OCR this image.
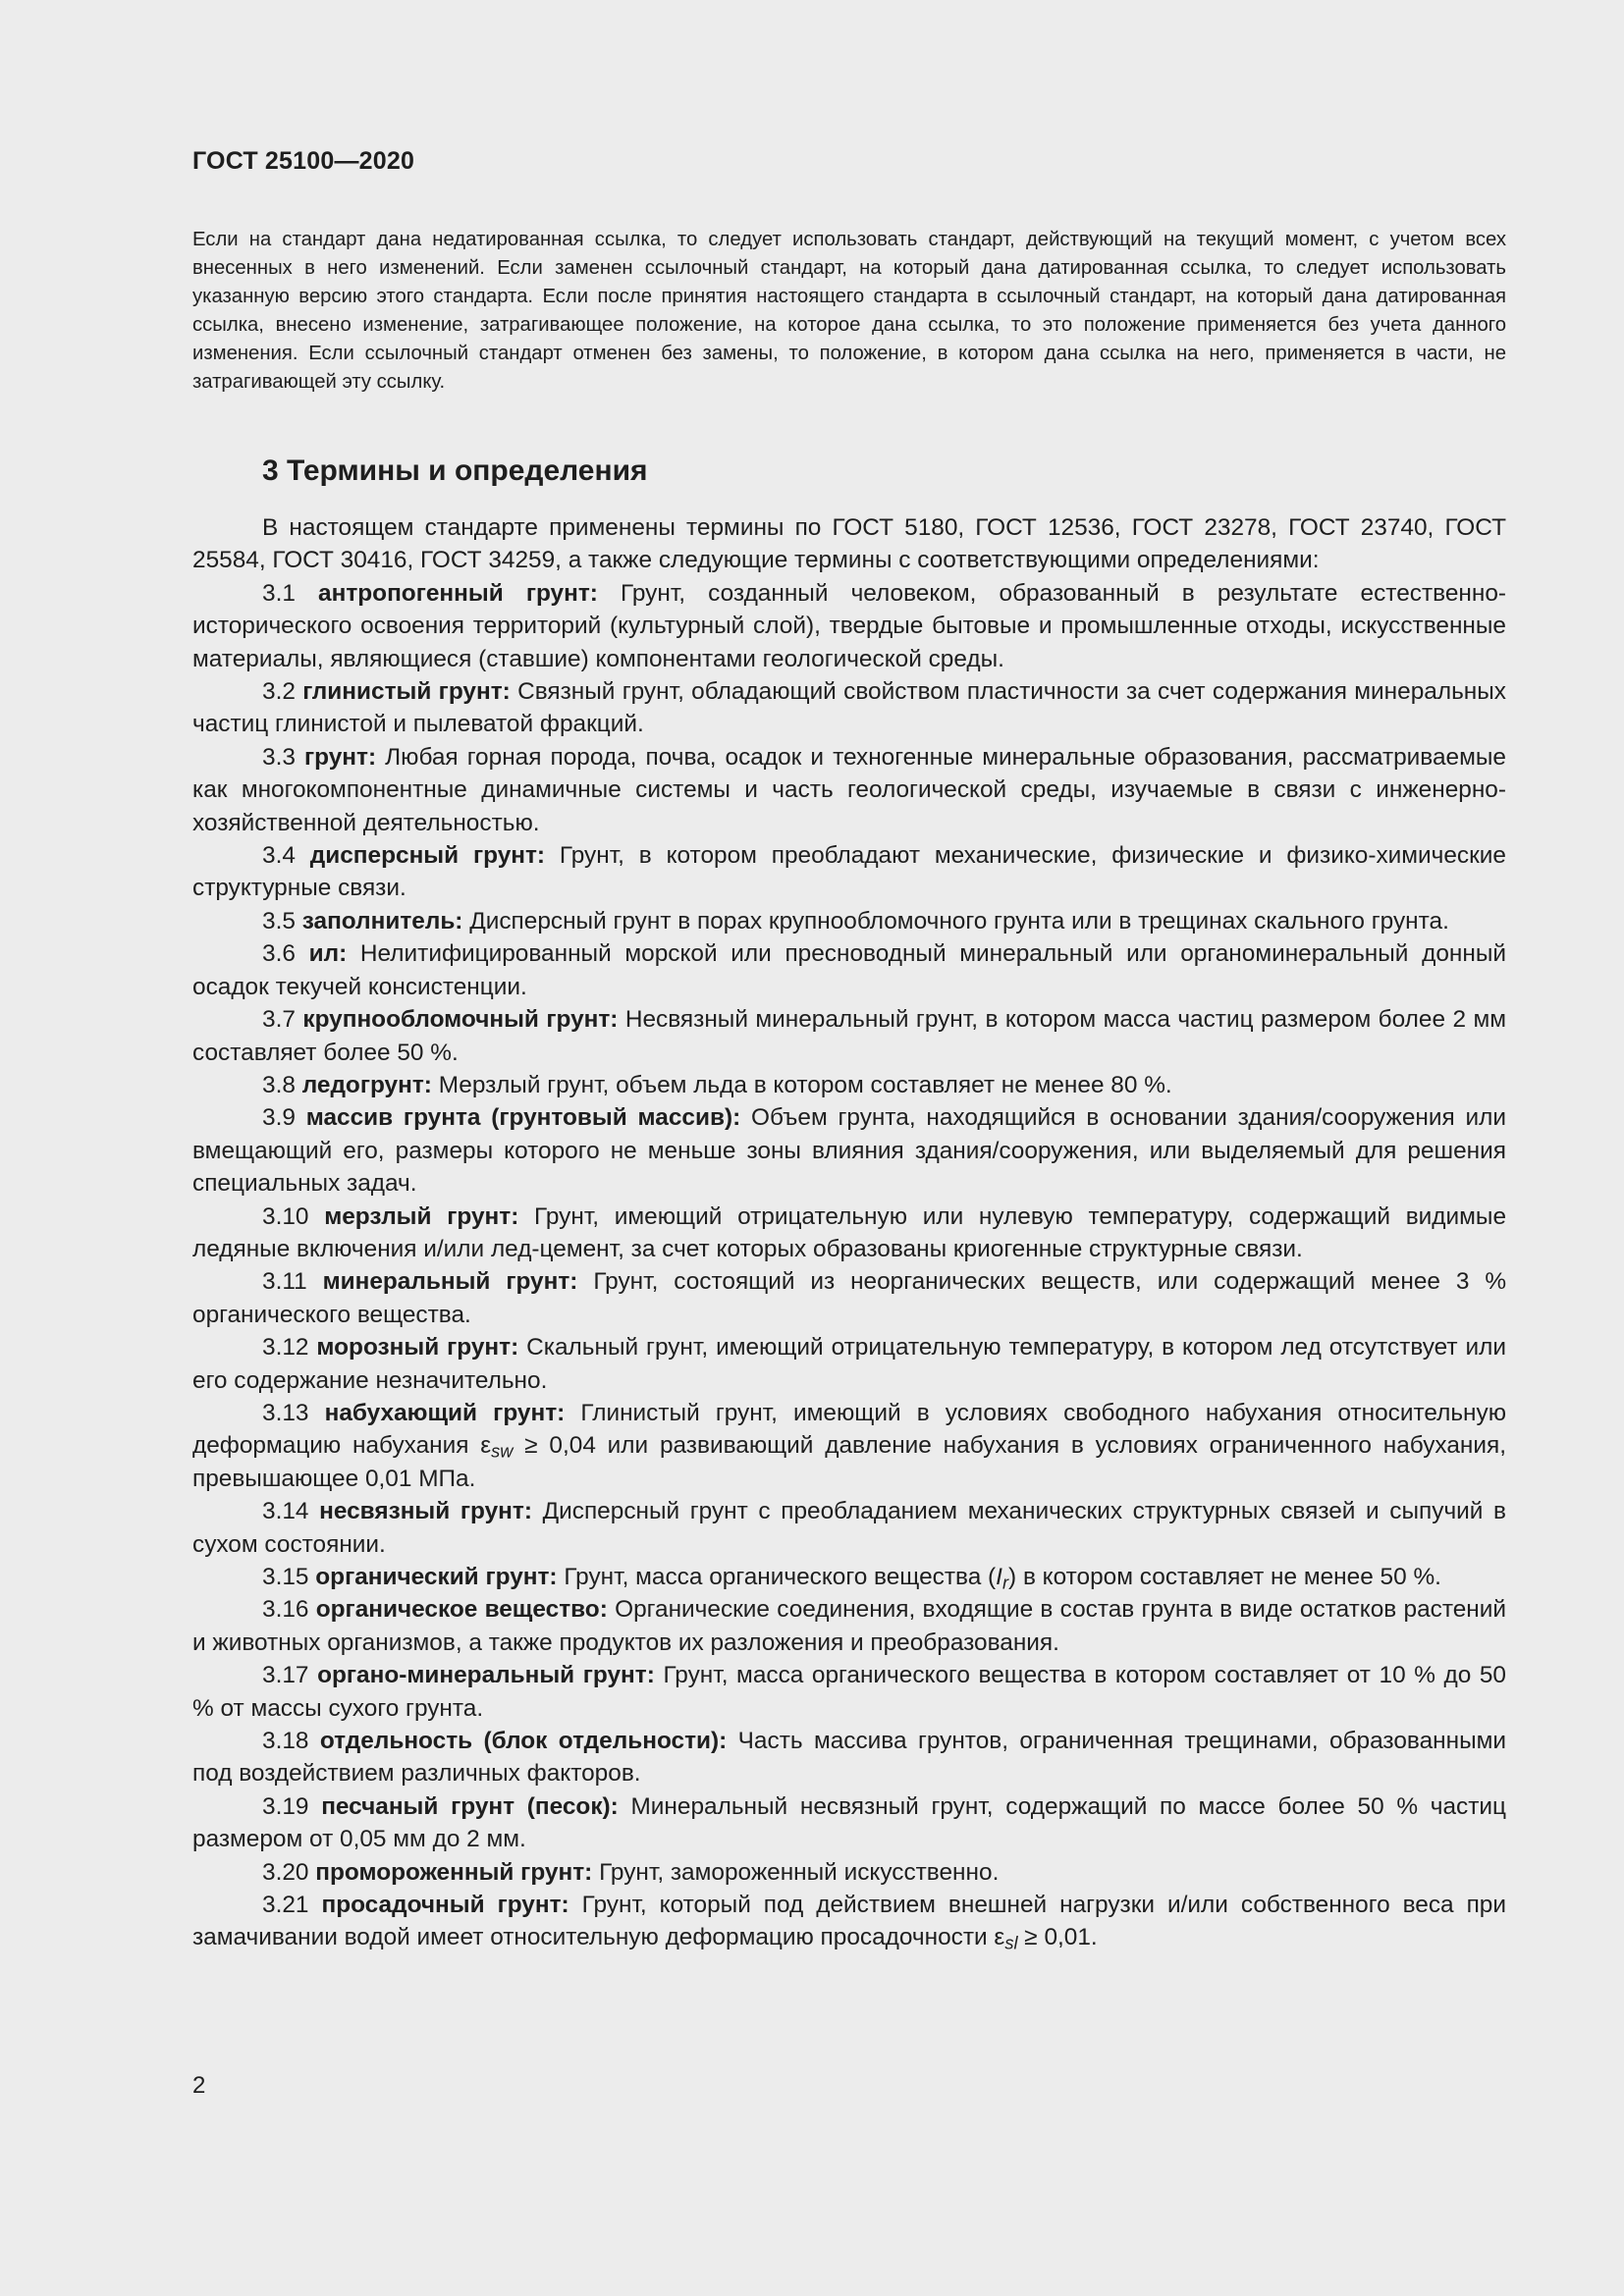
ГОСТ 25100—2020

Если на стандарт дана недатированная ссылка, то следует использовать стандарт, действующий на текущий момент, с учетом всех внесенных в него изменений. Если заменен ссылочный стандарт, на который дана датированная ссылка, то следует использовать указанную версию этого стандарта. Если после принятия настоящего стандарта в ссылочный стандарт, на который дана датированная ссылка, внесено изменение, затрагивающее положение, на которое дана ссылка, то это положение применяется без учета данного изменения. Если ссылочный стандарт отменен без замены, то положение, в котором дана ссылка на него, применяется в части, не затрагивающей эту ссылку.

3 Термины и определения

В настоящем стандарте применены термины по ГОСТ 5180, ГОСТ 12536, ГОСТ 23278, ГОСТ 23740, ГОСТ 25584, ГОСТ 30416, ГОСТ 34259, а также следующие термины с соответствующими определениями:

3.1 антропогенный грунт: Грунт, созданный человеком, образованный в результате естественно-исторического освоения территорий (культурный слой), твердые бытовые и промышленные отходы, искусственные материалы, являющиеся (ставшие) компонентами геологической среды.

3.2 глинистый грунт: Связный грунт, обладающий свойством пластичности за счет содержания минеральных частиц глинистой и пылеватой фракций.

3.3 грунт: Любая горная порода, почва, осадок и техногенные минеральные образования, рассматриваемые как многокомпонентные динамичные системы и часть геологической среды, изучаемые в связи с инженерно-хозяйственной деятельностью.

3.4 дисперсный грунт: Грунт, в котором преобладают механические, физические и физико-химические структурные связи.

3.5 заполнитель: Дисперсный грунт в порах крупнообломочного грунта или в трещинах скального грунта.

3.6 ил: Нелитифицированный морской или пресноводный минеральный или органоминеральный донный осадок текучей консистенции.

3.7 крупнообломочный грунт: Несвязный минеральный грунт, в котором масса частиц размером более 2 мм составляет более 50 %.

3.8 ледогрунт: Мерзлый грунт, объем льда в котором составляет не менее 80 %.

3.9 массив грунта (грунтовый массив): Объем грунта, находящийся в основании здания/сооружения или вмещающий его, размеры которого не меньше зоны влияния здания/сооружения, или выделяемый для решения специальных задач.

3.10 мерзлый грунт: Грунт, имеющий отрицательную или нулевую температуру, содержащий видимые ледяные включения и/или лед-цемент, за счет которых образованы криогенные структурные связи.

3.11 минеральный грунт: Грунт, состоящий из неорганических веществ, или содержащий менее 3 % органического вещества.

3.12 морозный грунт: Скальный грунт, имеющий отрицательную температуру, в котором лед отсутствует или его содержание незначительно.

3.13 набухающий грунт: Глинистый грунт, имеющий в условиях свободного набухания относительную деформацию набухания $\varepsilon_{sw} \ge 0,04$ или развивающий давление набухания в условиях ограниченного набухания, превышающее 0,01 МПа.

3.14 несвязный грунт: Дисперсный грунт с преобладанием механических структурных связей и сыпучий в сухом состоянии.

3.15 органический грунт: Грунт, масса органического вещества $(I_r)$ в котором составляет не менее 50 %.

3.16 органическое вещество: Органические соединения, входящие в состав грунта в виде остатков растений и животных организмов, а также продуктов их разложения и преобразования.

3.17 органо-минеральный грунт: Грунт, масса органического вещества в котором составляет от 10 % до 50 % от массы сухого грунта.

3.18 отдельность (блок отдельности): Часть массива грунтов, ограниченная трещинами, образованными под воздействием различных факторов.

3.19 песчаный грунт (песок): Минеральный несвязный грунт, содержащий по массе более 50 % частиц размером от 0,05 мм до 2 мм.

3.20 промороженный грунт: Грунт, замороженный искусственно.

3.21 просадочный грунт: Грунт, который под действием внешней нагрузки и/или собственного веса при замачивании водой имеет относительную деформацию просадочности $\varepsilon_{sl} \ge 0,01$.

2
